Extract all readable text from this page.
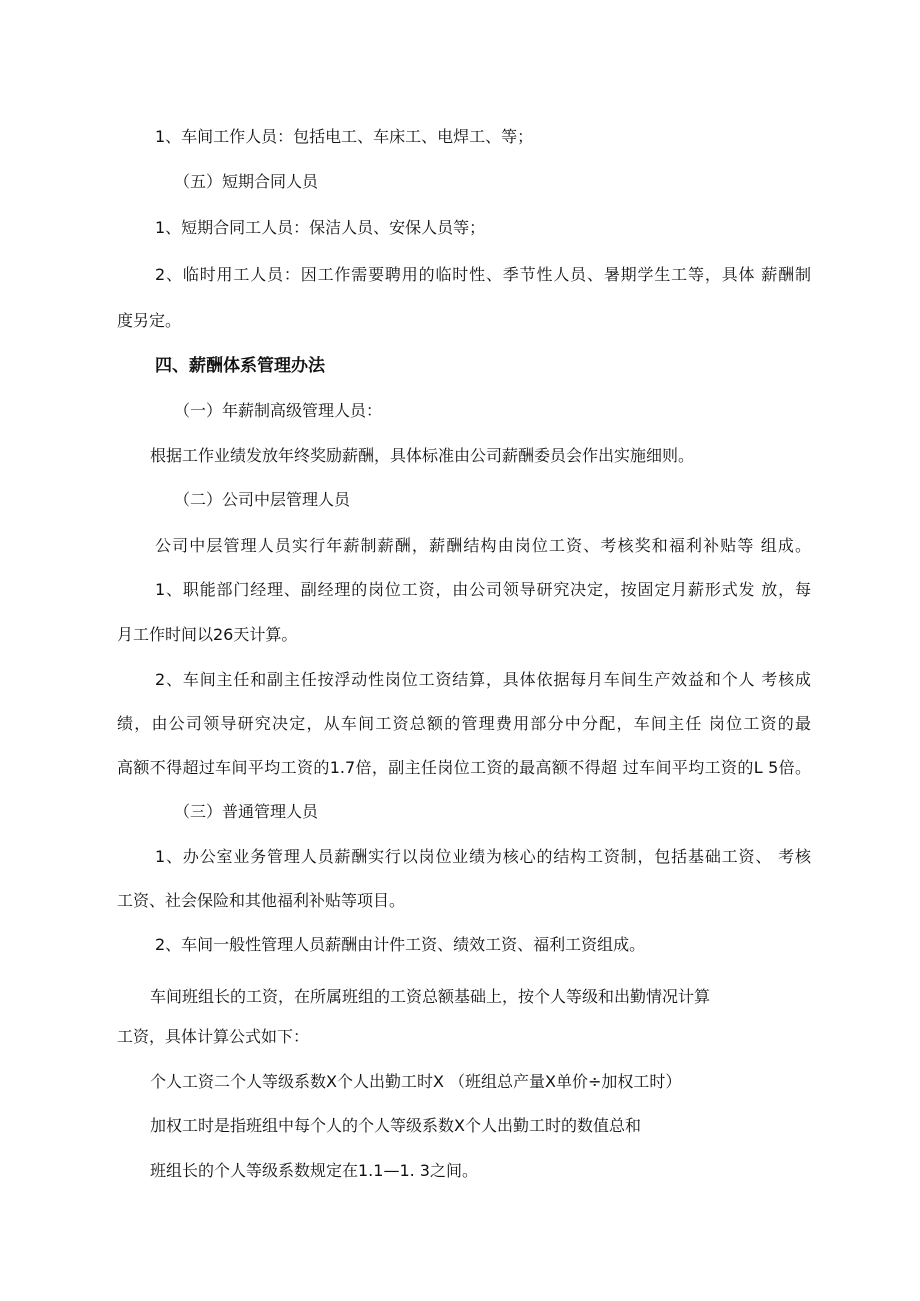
1、车间工作人员：包括电工、车床工、电焊工、等；

（五）短期合同人员

1、短期合同工人员：保洁人员、安保人员等；

2、临时用工人员：因工作需要聘用的临时性、季节性人员、暑期学生工等，具体 薪酬制

度另定。

四、薪酬体系管理办法

（一）年薪制高级管理人员：

根据工作业绩发放年终奖励薪酬，具体标准由公司薪酬委员会作出实施细则。

（二）公司中层管理人员

公司中层管理人员实行年薪制薪酬，薪酬结构由岗位工资、考核奖和福利补贴等 组成。

1、职能部门经理、副经理的岗位工资，由公司领导研究决定，按固定月薪形式发 放，每

月工作时间以26天计算。

2、车间主任和副主任按浮动性岗位工资结算，具体依据每月车间生产效益和个人 考核成

绩，由公司领导研究决定，从车间工资总额的管理费用部分中分配，车间主任 岗位工资的最

高额不得超过车间平均工资的1.7倍，副主任岗位工资的最高额不得超 过车间平均工资的L 5倍。

（三）普通管理人员

1、办公室业务管理人员薪酬实行以岗位业绩为核心的结构工资制，包括基础工资、 考核

工资、社会保险和其他福利补贴等项目。

2、车间一般性管理人员薪酬由计件工资、绩效工资、福利工资组成。

车间班组长的工资，在所属班组的工资总额基础上，按个人等级和出勤情况计算

工资，具体计算公式如下：

个人工资二个人等级系数X个人出勤工时X （班组总产量X单价÷加权工时）

加权工时是指班组中每个人的个人等级系数X个人出勤工时的数值总和

班组长的个人等级系数规定在1.1—1. 3之间。
